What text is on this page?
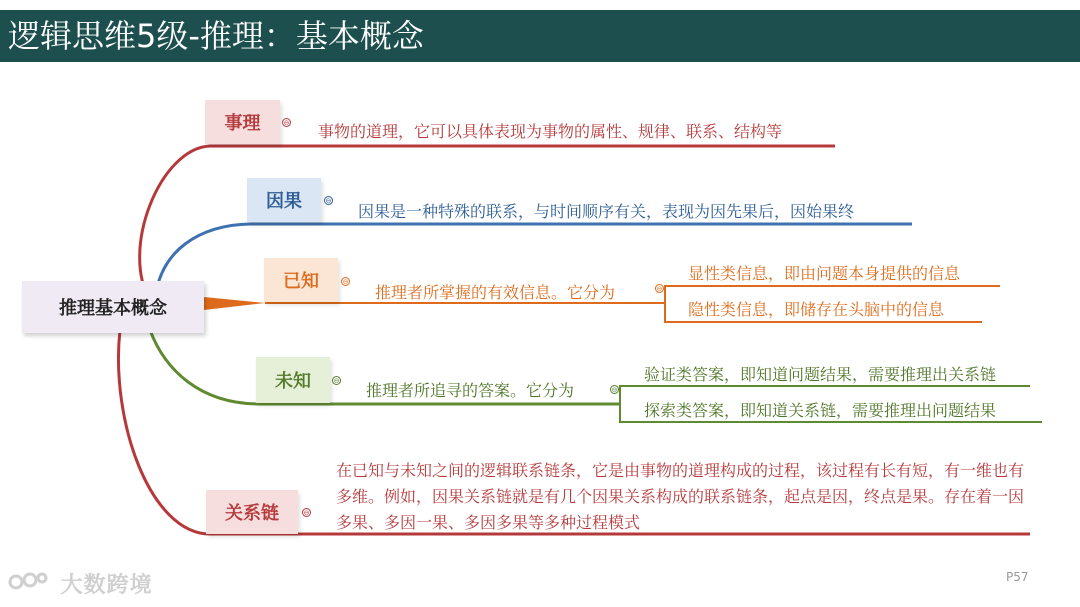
逻辑思维5级-推理：基本概念
推理基本概念
事理	⊖ 事物的道理，它可以具体表现为事物的属性、规律、联系、结构等
因果	⊖
因果是一种特殊的联系，与时间顺序有关，表现为因先果后，因始果终
已知	⊖
推理者所掌握的有效信息。它分为	⊖
显性类信息，即由问题本身提供的信息
隐性类信息，即储存在头脑中的信息
未知	⊖ 推理者所追寻的答案。它分为	⊖
验证类答案，即知道问题结果，需要推理出关系链
探索类答案，即知道关系链，需要推理出问题结果
关系链	⊖
在已知与未知之间的逻辑联系链条，它是由事物的道理构成的过程，该过程有长有短，有一维也有多维。例如，因果关系链就是有几个因果关系构成的联系链条，起点是因，终点是果。存在着一因多果、多因一果、多因多果等多种过程模式
大数跨境	P57
